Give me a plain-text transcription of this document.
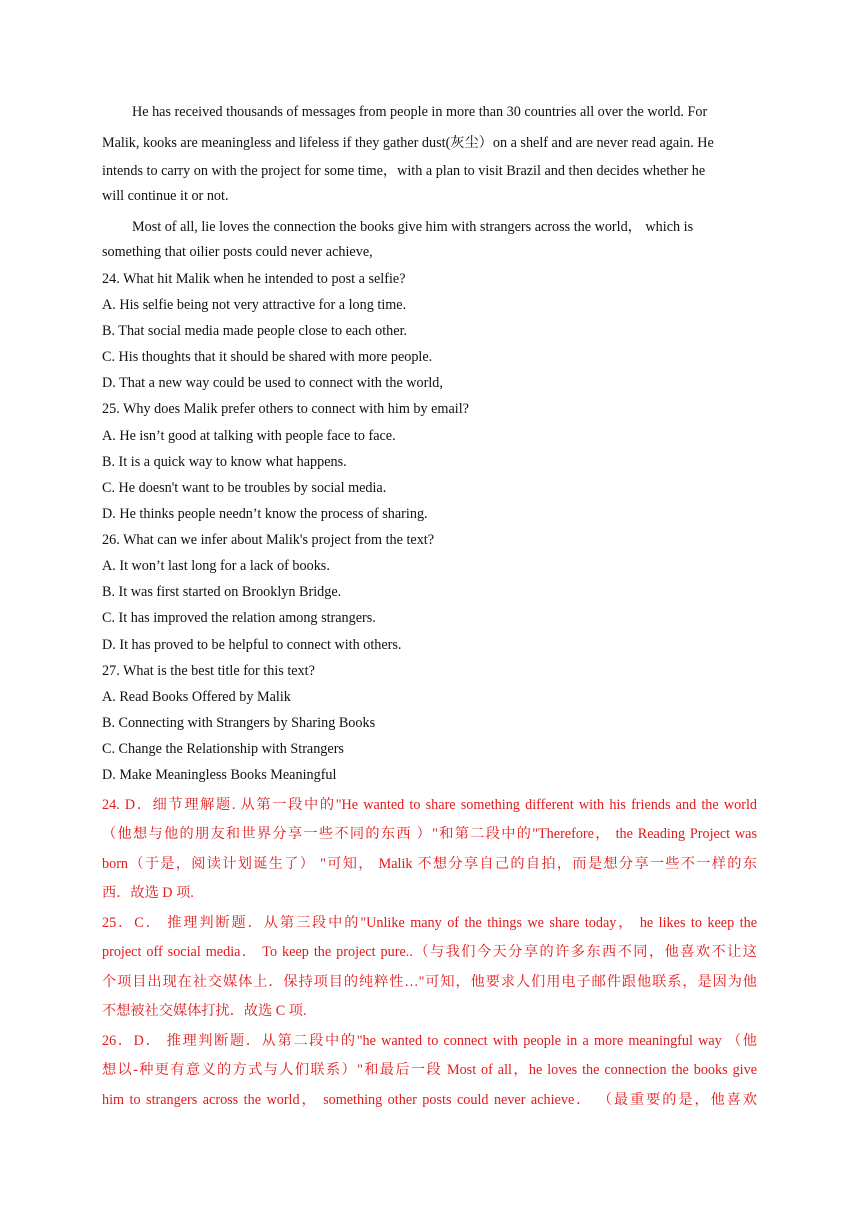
He has received thousands of messages from people in more than 30 countries all over the world. For
Malik, kooks are meaningless and lifeless if they gather dust(灰尘）on a shelf and are never read again. He
intends to carry on with the project for some time，with a plan to visit Brazil and then decides whether he
will continue it or not.
Most of all, lie loves the connection the books give him with strangers across the world， which is
something that oilier posts could never achieve,
24. What hit Malik when he intended to post a selfie?
A. His selfie being not very attractive for a long time.
B. That social media made people close to each other.
C. His thoughts that it should be shared with more people.
D. That a new way could be used to connect with the world,
25. Why does Malik prefer others to connect with him by email?
A. He isn’t good at talking with people face to face.
B. It is a quick way to know what happens.
C. He doesn't want to be troubles by social media.
D. He thinks people needn’t know the process of sharing.
26. What can we infer about Malik's project from the text?
A. It won’t last long for a lack of books.
B. It was first started on Brooklyn Bridge.
C. It has improved the relation among strangers.
D. It has proved to be helpful to connect with others.
27. What is the best title for this text?
A. Read Books Offered by Malik
B. Connecting with Strangers by Sharing Books
C. Change the Relationship with Strangers
D. Make Meaningless Books Meaningful
24. D．细节理解题. 从第一段中的"He wanted to share something different with his friends and the world
（他想与他的朋友和世界分享一些不同的东西 ）"和第二段中的"Therefore， the Reading Project was
born（于是，阅读计划诞生了） "可知， Malik 不想分享自己的自拍，而是想分享一些不一样的东
西．故选 D 项.
25．C． 推理判断题．从第三段中的"Unlike many of the things we share today， he likes to keep the
project off social media． To keep the project pure..（与我们今天分享的许多东西不同，他喜欢不让这
个项目出现在社交媒体上．保持项目的纯粹性…"可知，他要求人们用电子邮件跟他联系，是因为他
不想被社交媒体打扰．故选 C 项.
26．D． 推理判断题．从第二段中的"he wanted to connect with people in a more meaningful way （他
想以-种更有意义的方式与人们联系）"和最后一段 Most of all，he loves the connection the books give
him to strangers across the world， something other posts could never achieve． （最重要的是，他喜欢
